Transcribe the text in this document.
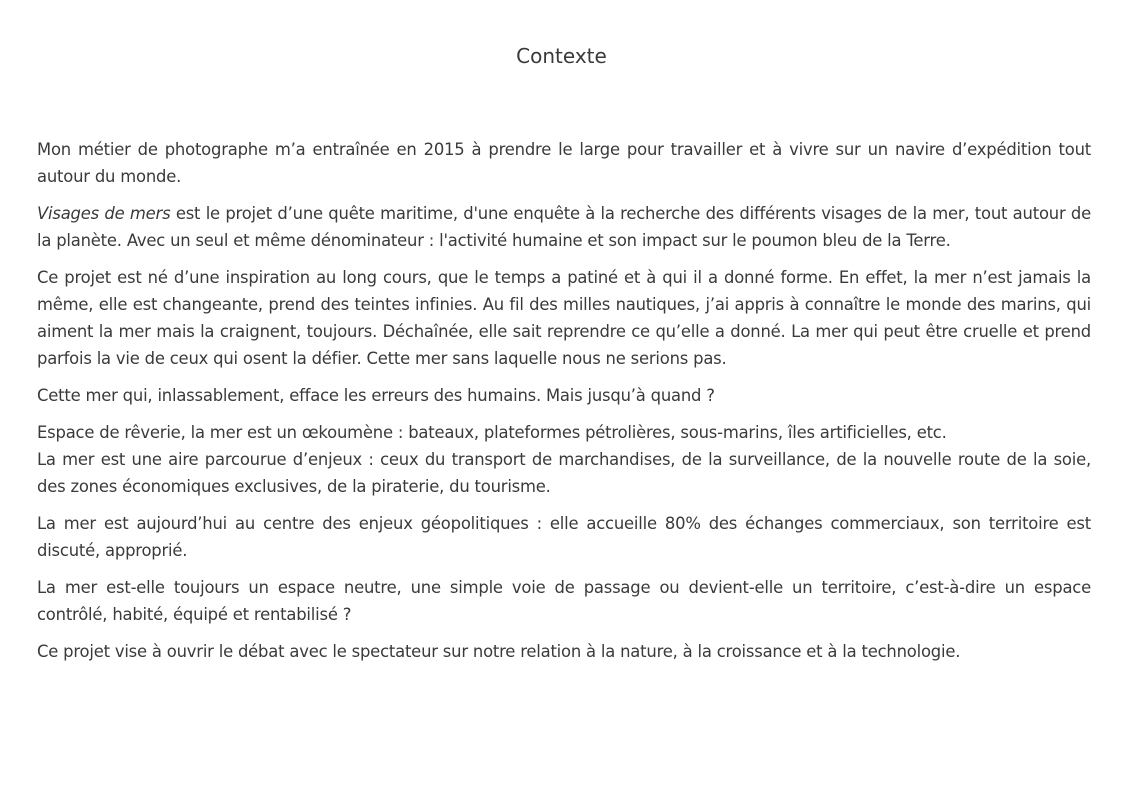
Contexte

Mon métier de photographe m’a entraînée en 2015 à prendre le large pour travailler et à vivre sur un navire d’expédition tout autour du monde.

Visages de mers est le projet d’une quête maritime, d'une enquête à la recherche des différents visages de la mer, tout autour de la planète. Avec un seul et même dénominateur : l'activité humaine et son impact sur le poumon bleu de la Terre.

Ce projet est né d’une inspiration au long cours, que le temps a patiné et à qui il a donné forme. En effet, la mer n’est jamais la même, elle est changeante, prend des teintes infinies. Au fil des milles nautiques, j’ai appris à connaître le monde des marins, qui aiment la mer mais la craignent, toujours. Déchaînée, elle sait reprendre ce qu’elle a donné. La mer qui peut être cruelle et prend parfois la vie de ceux qui osent la défier. Cette mer sans laquelle nous ne serions pas.

Cette mer qui, inlassablement, efface les erreurs des humains. Mais jusqu’à quand ?

Espace de rêverie, la mer est un œkoumène : bateaux, plateformes pétrolières, sous-marins, îles artificielles, etc.
La mer est une aire parcourue d’enjeux : ceux du transport de marchandises, de la surveillance, de la nouvelle route de la soie, des zones économiques exclusives, de la piraterie, du tourisme.

La mer est aujourd’hui au centre des enjeux géopolitiques : elle accueille 80% des échanges commerciaux, son territoire est discuté, approprié.

La mer est-elle toujours un espace neutre, une simple voie de passage ou devient-elle un territoire, c’est-à-dire un espace contrôlé, habité, équipé et rentabilisé ?

Ce projet vise à ouvrir le débat avec le spectateur sur notre relation à la nature, à la croissance et à la technologie.
